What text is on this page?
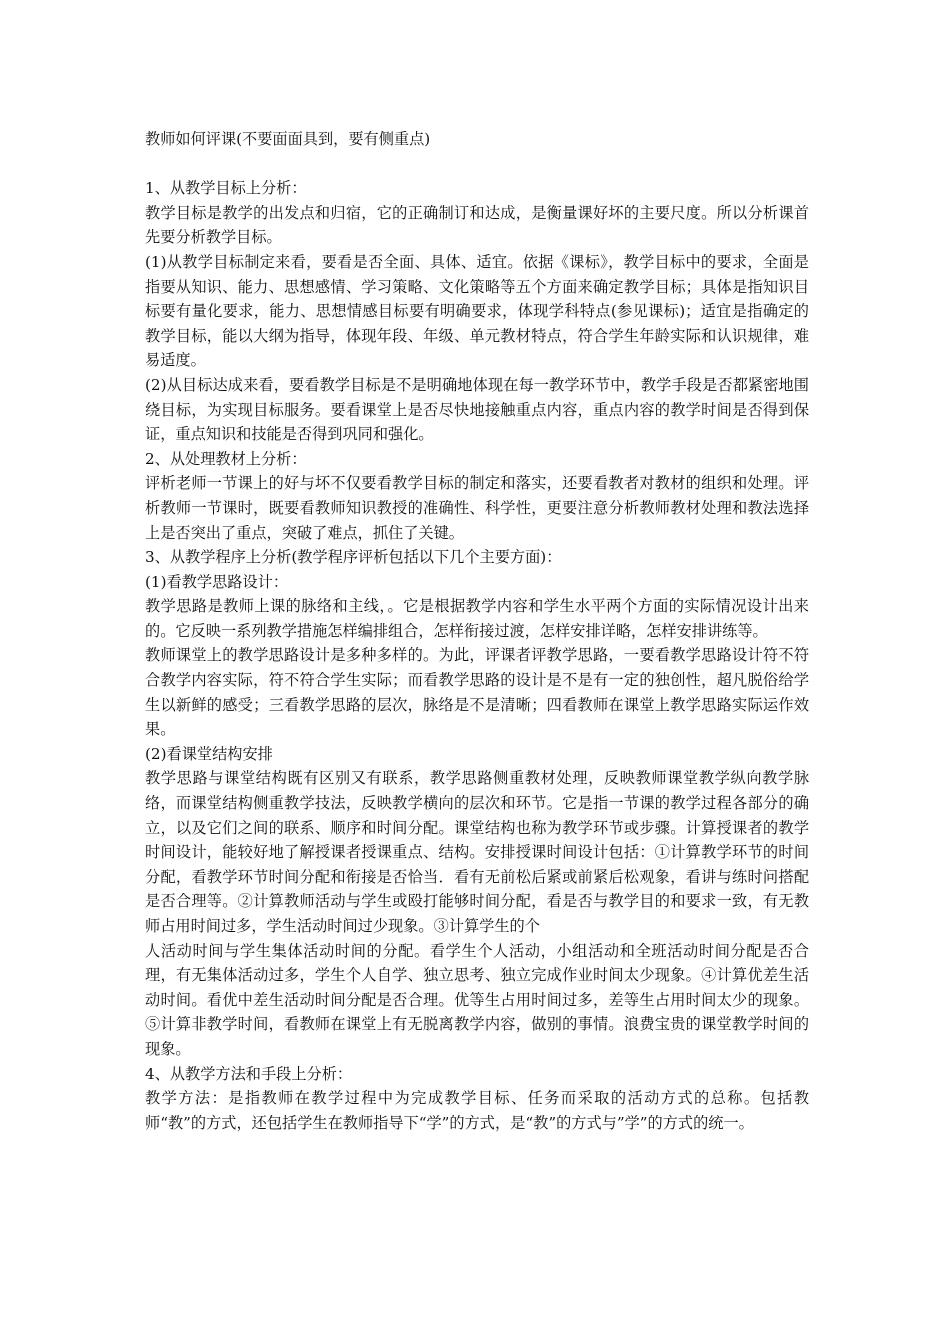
教师如何评课(不要面面具到，要有侧重点)

1、从教学目标上分析：

教学目标是教学的出发点和归宿，它的正确制订和达成，是衡量课好坏的主要尺度。所以分析课首先要分析教学目标。

(1)从教学目标制定来看，要看是否全面、具体、适宜。依据《课标》，教学目标中的要求，全面是指要从知识、能力、思想感情、学习策略、文化策略等五个方面来确定教学目标；具体是指知识目标要有量化要求，能力、思想情感目标要有明确要求，体现学科特点(参见课标)；适宜是指确定的教学目标，能以大纲为指导，体现年段、年级、单元教材特点，符合学生年龄实际和认识规律，难易适度。

(2)从目标达成来看，要看教学目标是不是明确地体现在每一教学环节中，教学手段是否都紧密地围绕目标，为实现目标服务。要看课堂上是否尽快地接触重点内容，重点内容的教学时间是否得到保证，重点知识和技能是否得到巩同和强化。

2、从处理教材上分析：

评析老师一节课上的好与坏不仅要看教学目标的制定和落实，还要看教者对教材的组织和处理。评析教师一节课时，既要看教师知识教授的准确性、科学性，更要注意分析教师教材处理和教法选择上是否突出了重点，突破了难点，抓住了关键。

3、从教学程序上分析(教学程序评析包括以下几个主要方面)：

(1)看教学思路设计：

教学思路是教师上课的脉络和主线，。它是根据教学内容和学生水平两个方面的实际情况设计出来的。它反映一系列教学措施怎样编排组合，怎样衔接过渡，怎样安排详略，怎样安排讲练等。

教师课堂上的教学思路设计是多种多样的。为此，评课者评教学思路，一要看教学思路设计符不符合教学内容实际，符不符合学生实际；而看教学思路的设计是不是有一定的独创性，超凡脱俗给学生以新鲜的感受；三看教学思路的层次，脉络是不是清晰；四看教师在课堂上教学思路实际运作效果。

(2)看课堂结构安排

教学思路与课堂结构既有区别又有联系，教学思路侧重教材处理，反映教师课堂教学纵向教学脉络，而课堂结构侧重教学技法，反映教学横向的层次和环节。它是指一节课的教学过程各部分的确立，以及它们之间的联系、顺序和时间分配。课堂结构也称为教学环节或步骤。计算授课者的教学时间设计，能较好地了解授课者授课重点、结构。安排授课时间设计包括：①计算教学环节的时间分配，看教学环节时间分配和衔接是否恰当．看有无前松后紧或前紧后松观象，看讲与练时问搭配是否合理等。②计算教师活动与学生或殴打能够时间分配，看是否与教学目的和要求一致，有无教师占用时间过多，学生活动时间过少现象。③计算学生的个

人活动时间与学生集体活动时间的分配。看学生个人活动，小组活动和全班活动时间分配是否合理，有无集体活动过多，学生个人自学、独立思考、独立完成作业时间太少现象。④计算优差生活动时间。看优中差生活动时间分配是否合理。优等生占用时间过多，差等生占用时间太少的现象。⑤计算非教学时间，看教师在课堂上有无脱离教学内容，做别的事情。浪费宝贵的课堂教学时间的现象。

4、从教学方法和手段上分析：

教学方法：是指教师在教学过程中为完成教学目标、任务而采取的活动方式的总称。包括教师“教”的方式，还包括学生在教师指导下“学”的方式，是“教”的方式与”学”的方式的统一。
